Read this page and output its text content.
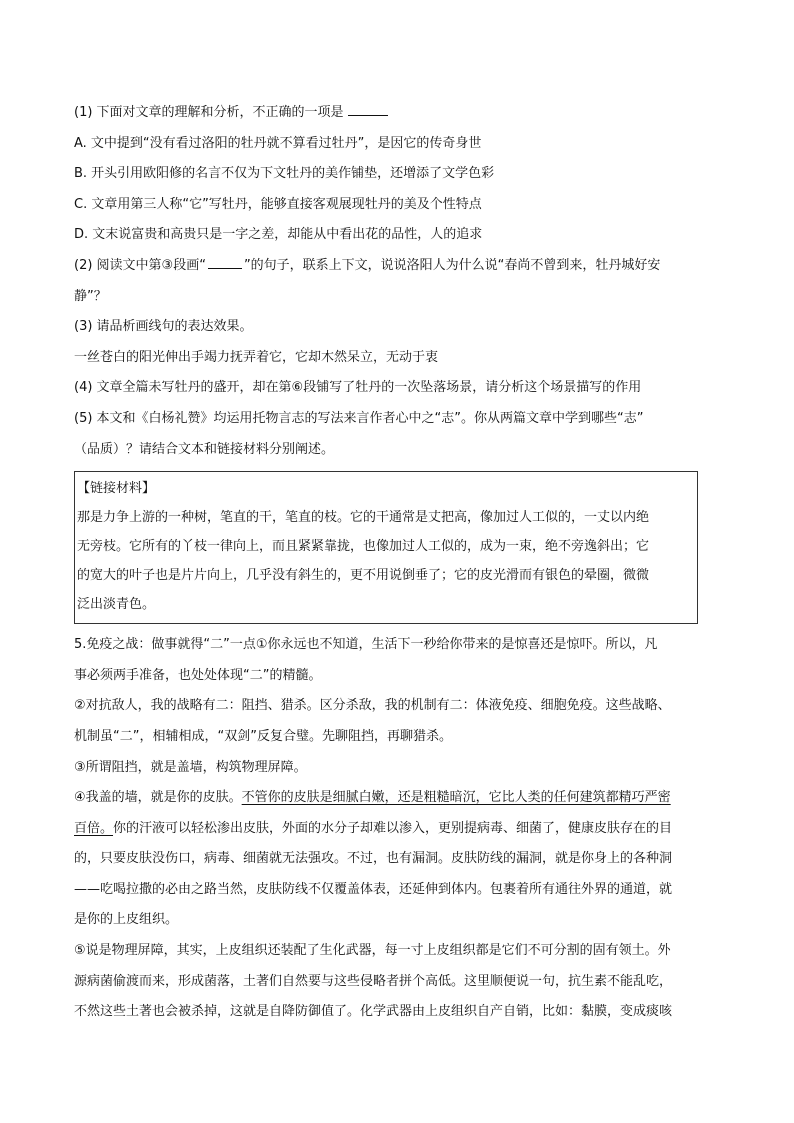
(1) 下面对文章的理解和分析，不正确的一项是
A. 文中提到“没有看过洛阳的牡丹就不算看过牡丹”，是因它的传奇身世
B. 开头引用欧阳修的名言不仅为下文牡丹的美作铺垫，还增添了文学色彩
C. 文章用第三人称“它”写牡丹，能够直接客观展现牡丹的美及个性特点
D. 文末说富贵和高贵只是一字之差，却能从中看出花的品性，人的追求
(2) 阅读文中第③段画“	”的句子，联系上下文，说说洛阳人为什么说“春尚不曾到来，牡丹城好安
静”？
(3) 请品析画线句的表达效果。
一丝苍白的阳光伸出手竭力抚弄着它，它却木然呆立，无动于衷
(4) 文章全篇未写牡丹的盛开，却在第⑥段铺写了牡丹的一次坠落场景，请分析这个场景描写的作用
(5) 本文和《白杨礼赞》均运用托物言志的写法来言作者心中之“志”。你从两篇文章中学到哪些“志”
（品质）？请结合文本和链接材料分别阐述。
【链接材料】
那是力争上游的一种树，笔直的干，笔直的枝。它的干通常是丈把高，像加过人工似的，一丈以内绝
无旁枝。它所有的丫枝一律向上，而且紧紧靠拢，也像加过人工似的，成为一束，绝不旁逸斜出；它
的宽大的叶子也是片片向上，几乎没有斜生的，更不用说倒垂了；它的皮光滑而有银色的晕圈，微微
泛出淡青色。
5.免疫之战：做事就得“二”一点①你永远也不知道，生活下一秒给你带来的是惊喜还是惊吓。所以，凡
事必须两手准备，也处处体现“二”的精髓。
②对抗敌人，我的战略有二：阻挡、猎杀。区分杀敌，我的机制有二：体液免疫、细胞免疫。这些战略、
机制虽“二”，相辅相成，“双剑”反复合璧。先聊阻挡，再聊猎杀。
③所谓阻挡，就是盖墙，构筑物理屏障。
④我盖的墙，就是你的皮肤。不管你的皮肤是细腻白嫩，还是粗糙暗沉，它比人类的任何建筑都精巧严密
百倍。你的汗液可以轻松渗出皮肤，外面的水分子却难以渗入，更别提病毒、细菌了，健康皮肤存在的目
的，只要皮肤没伤口，病毒、细菌就无法强攻。不过，也有漏洞。皮肤防线的漏洞，就是你身上的各种洞
——吃喝拉撒的必由之路当然，皮肤防线不仅覆盖体表，还延伸到体内。包裹着所有通往外界的通道，就
是你的上皮组织。
⑤说是物理屏障，其实，上皮组织还装配了生化武器，每一寸上皮组织都是它们不可分割的固有领土。外
源病菌偷渡而来，形成菌落，土著们自然要与这些侵略者拼个高低。这里顺便说一句，抗生素不能乱吃，
不然这些土著也会被杀掉，这就是自降防御值了。化学武器由上皮组织自产自销，比如：黏膜，变成痰咳
